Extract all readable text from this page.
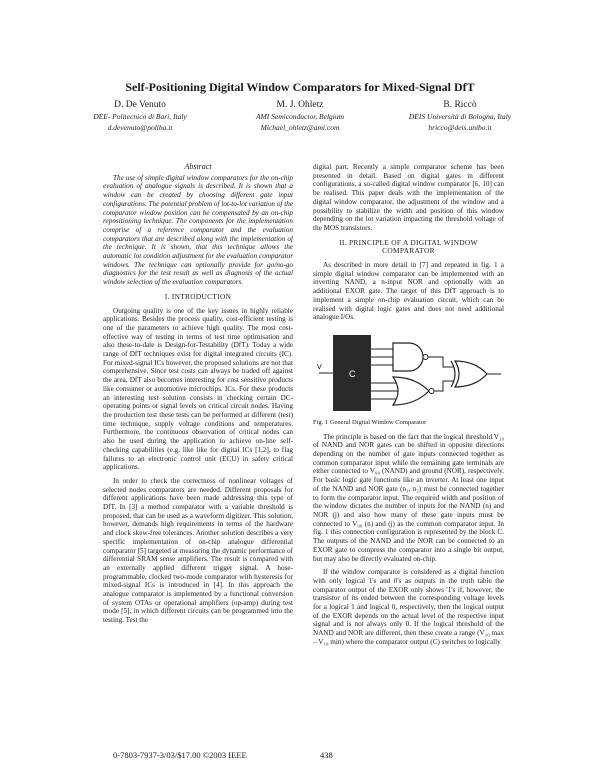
Self-Positioning Digital Window Comparators for Mixed-Signal DfT
D. De Venuto
DEE- Politecnico di Bari, Italy
d.devenuto@poliba.it
M. J. Ohletz
AMI Semiconductor, Belgium
Michael_ohletz@ami.com
B. Riccò
DEIS Università di Bologna, Italy
bricco@deis.unibo.it
Abstract

The use of simple digital window comparators for the on-chip evaluation of analogue signals is described. It is shown that a window can be created by choosing different gate input configurations. The potential problem of lot-to-lot variation of the comparator window position can be compensated by an on-chip repositioning technique. The components for the implementation comprise of a reference comparator and the evaluation comparators that are described along with the implementation of the technique. It is shown, that this technique allows the automatic lot condition adjustment for the evaluation comparator windows. The technique can optionally provide for go/no-go diagnostics for the test result as well as diagnosis of the actual window selection of the evaluation comparators.

I. INTRODUCTION

Outgoing quality is one of the key issues in highly reliable applications. Besides the process quality, cost-efficient testing is one of the parameters to achieve high quality. The most cost-effective way of testing in terms of test time optimisation and also these-to-date is Design-for-Testability (DfT). Today a wide range of DfT techniques exist for digital integrated circuits (IC). For mixed-signal ICs however, the proposed solutions are not that comprehensive. Since test costs can always be traded off against the area, DfT also becomes interesting for cost sensitive products like consumer or automotive microchips. ICs. For these products an interesting test solution consists in checking certain DC-operating points or signal levels on critical circuit nodes. Having the production test these tests can be performed at different (test) time technique, supply voltage conditions and temperatures. Furthermore, the continuous observation of critical nodes can also be used during the application to achieve on-line self-checking capabilities (e.g. like like for digital ICs [1,2], to flag failures to an electronic control unit (ECU) in safety critical applications.

In order to check the correctness of nonlinear voltages of selected nodes comparators are needed. Different proposals for different applications have been made addressing this type of DfT. In [3] a method comparator with a variable threshold is proposed, that can be used as a waveform digitizer. This solution, however, demands high requirements in terms of the hardware and clock skew-free tolerances. Another solution describes a very specific implementation of on-chip analogue differential comparator [5] targeted at measuring the dynamic performance of differential SRAM sense amplifiers. The result is compared with an externally applied different trigger signal. A hose-programmable, clocked two-mode comparator with hysteresis for mixed-signal ICs is introduced in [4]. In this approach the analogue comparator is implemented by a functional conversion of system OTAs or operational amplifiers (op-amp) during test mode [5], in which different circuits can be programmed into the testing. Test the

digital part. Recently a simple comparator scheme has been presented in detail. Based on digital gates in different configurations, a so-called digital window comparator [6, 10] can be realised. This paper deals with the implementation of the digital window comparator, the adjustment of the window and a possibility to stabilize the width and position of this window depending on the lot variation impacting the threshold voltage of the MOS transistors.

II. PRINCIPLE OF A DIGITAL WINDOW COMPARATOR

As described in more detail in [7] and repeated in fig. 1 a simple digital window comparator can be implemented with an inverting NAND, a n-input NOR and optionally with an additional EXOR gate. The target of this DfT approach is to implement a simple on-chip evaluation circuit, which can be realised with digital logic gates and does not need additional analogue I/Os.

V
C

Fig. 1 General Digital Window Comparator

The principle is based on the fact that the logical threshold V₁₀ of NAND and NOR gates can be shifted in opposite directions depending on the number of gate inputs connected together as common comparator input while the remaining gate terminals are either connected to V₀₀ (NAND) and ground (NOR), respectively. For basic logic gate functions like an inverter. At least one input of the NAND and NOR gate (n₁, n₂) must be connected together to form the comparator input. The required width and position of the window dictates the number of inputs for the NAND (n) and NOR (j) and also how many of these gate inputs must be connected to V₀₀ (n) and (j) as the common comparator input. In fig. 1 this connection configuration is represented by the block C. The outputs of the NAND and the NOR can be connected to an EXOR gate to compress the comparator into a single bit output, but may also be directly evaluated on-chip.

If the window comparator is considered as a digital function with only logical 1's and 0's as outputs in the truth table the comparator output of the EXOR only shows '1's if, however, the transistor of its ended between the corresponding voltage levels for a logical 1 and logical 0, respectively, then the logical output of the EXOR depends on the actual level of the respective input signal and is not always only 0. If the logical threshold of the NAND and NOR are different, then these create a range (V₁₀ max – V₁₀ min) where the comparator output (C) switches to logically

0-7803-7937-3/03/$17.00 ©2003 IEEE	438
